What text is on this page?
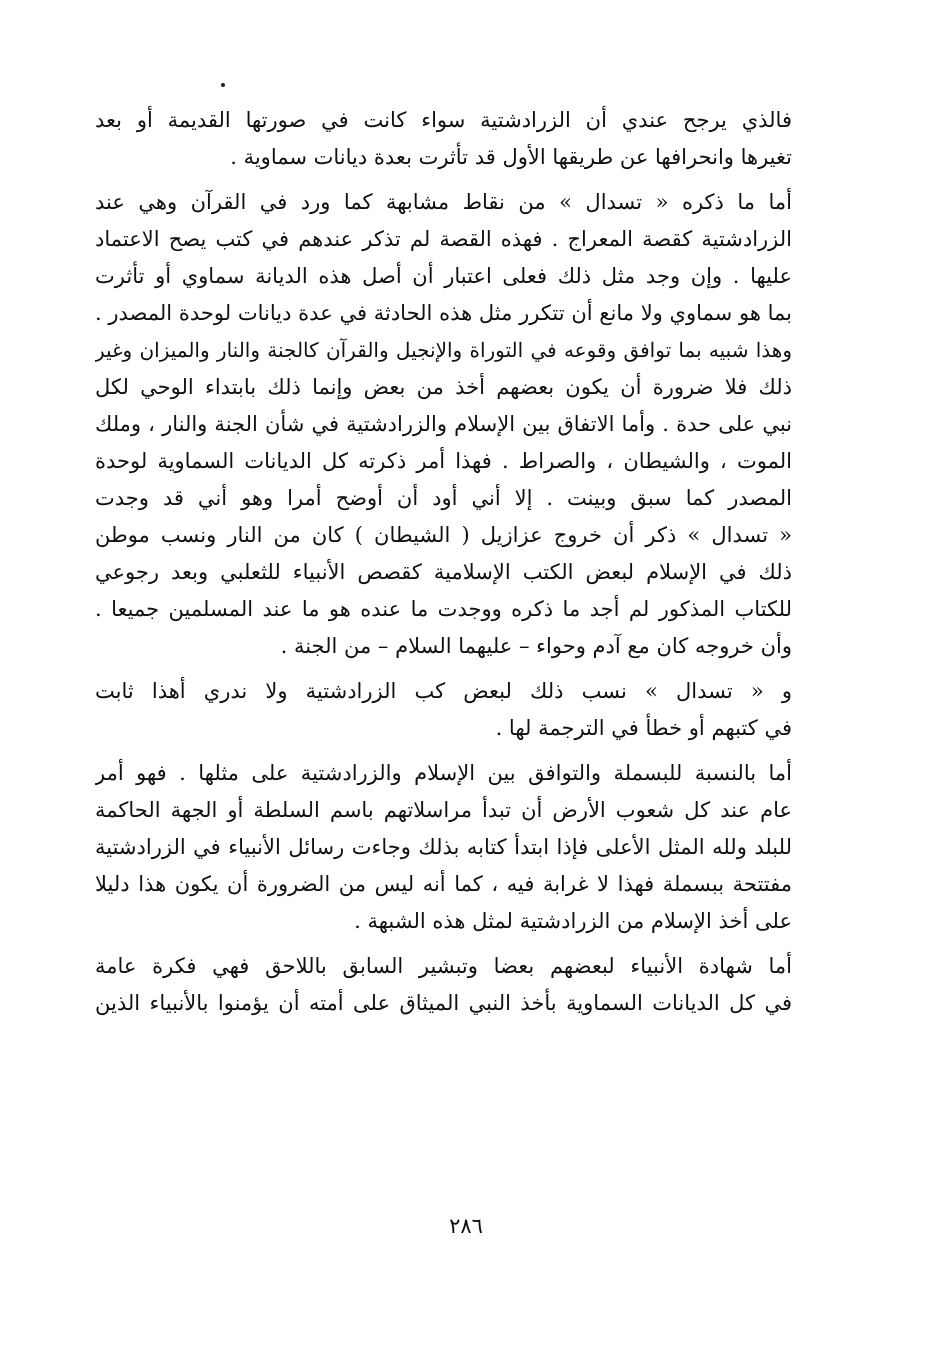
فالذي يرجح عندي أن الزرادشتية سواء كانت في صورتها القديمة أو بعد
تغيرها وانحرافها عن طريقها الأول قد تأثرت بعدة ديانات سماوية .
أما ما ذكره « تسدال » من نقاط مشابهة كما ورد في القرآن وهي عند
الزرادشتية كقصة المعراج . فهذه القصة لم تذكر عندهم في كتب يصح الاعتماد
عليها . وإن وجد مثل ذلك فعلى اعتبار أن أصل هذه الديانة سماوي أو تأثرت
بما هو سماوي ولا مانع أن تتكرر مثل هذه الحادثة في عدة ديانات لوحدة المصدر .
وهذا شبيه بما توافق وقوعه في التوراة والإنجيل والقرآن كالجنة والنار والميزان وغير
ذلك فلا ضرورة أن يكون بعضهم أخذ من بعض وإنما ذلك بابتداء الوحي لكل
نبي على حدة . وأما الاتفاق بين الإسلام والزرادشتية في شأن الجنة والنار ، وملك
الموت ، والشيطان ، والصراط . فهذا أمر ذكرته كل الديانات السماوية لوحدة
المصدر كما سبق وبينت . إلا أني أود أن أوضح أمرا وهو أني قد وجدت
« تسدال » ذكر أن خروج عزازيل ( الشيطان ) كان من النار ونسب موطن
ذلك في الإسلام لبعض الكتب الإسلامية كقصص الأنبياء للثعلبي وبعد رجوعي
للكتاب المذكور لم أجد ما ذكره ووجدت ما عنده هو ما عند المسلمين جميعا .
وأن خروجه كان مع آدم وحواء – عليهما السلام – من الجنة .
و « تسدال » نسب ذلك لبعض كب الزرادشتية ولا ندري أهذا ثابت
في كتبهم أو خطأ في الترجمة لها .
أما بالنسبة للبسملة والتوافق بين الإسلام والزرادشتية على مثلها . فهو أمر
عام عند كل شعوب الأرض أن تبدأ مراسلاتهم باسم السلطة أو الجهة الحاكمة
للبلد ولله المثل الأعلى فإذا ابتدأ كتابه بذلك وجاءت رسائل الأنبياء في الزرادشتية
مفتتحة ببسملة فهذا لا غرابة فيه ، كما أنه ليس من الضرورة أن يكون هذا دليلا
على أخذ الإسلام من الزرادشتية لمثل هذه الشبهة .
أما شهادة الأنبياء لبعضهم بعضا وتبشير السابق باللاحق فهي فكرة عامة
في كل الديانات السماوية بأخذ النبي الميثاق على أمته أن يؤمنوا بالأنبياء الذين
٢٨٦
